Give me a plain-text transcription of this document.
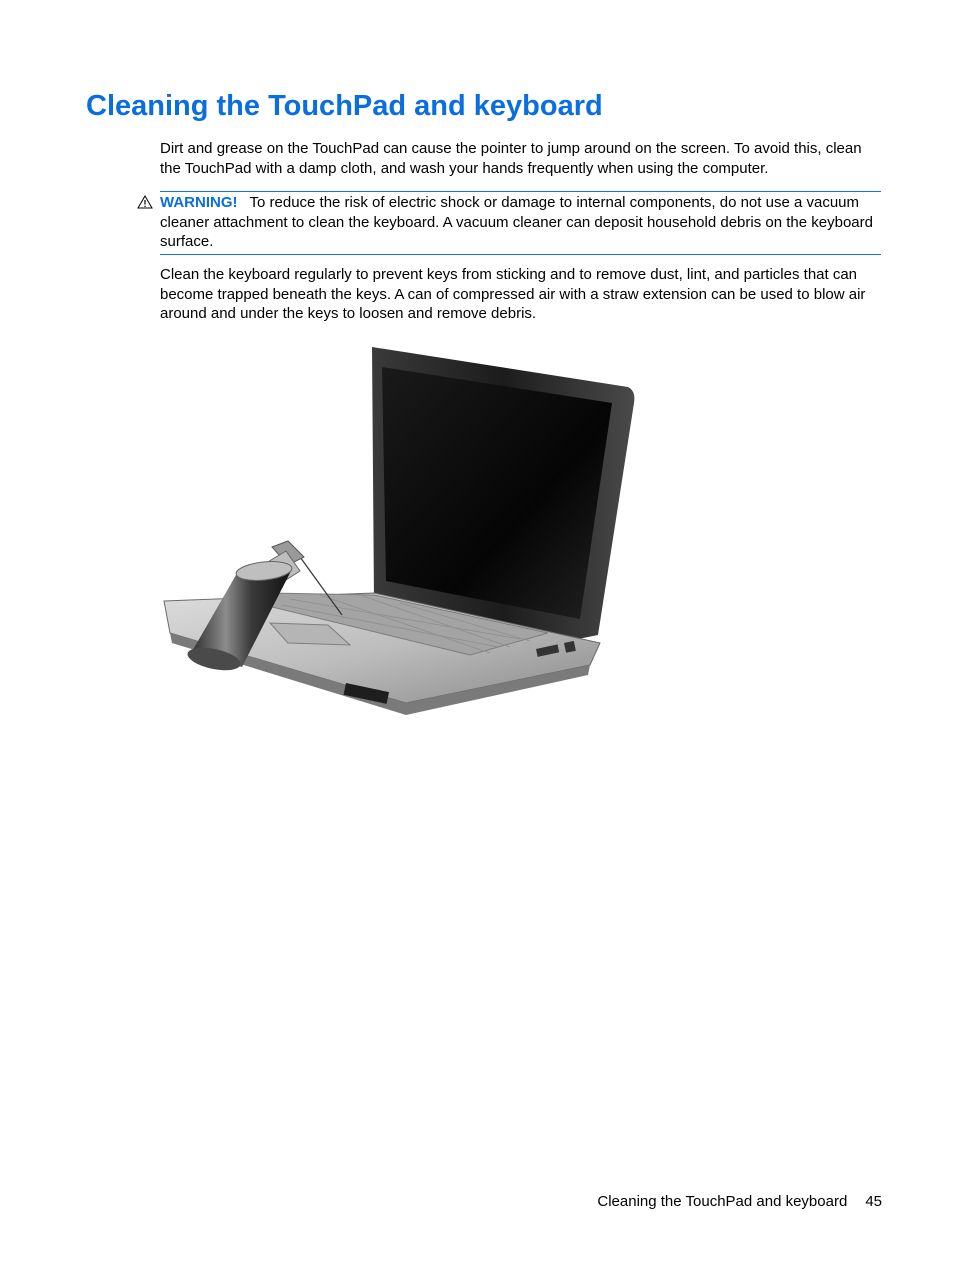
Cleaning the TouchPad and keyboard

Dirt and grease on the TouchPad can cause the pointer to jump around on the screen. To avoid this, clean the TouchPad with a damp cloth, and wash your hands frequently when using the computer.

WARNING! To reduce the risk of electric shock or damage to internal components, do not use a vacuum cleaner attachment to clean the keyboard. A vacuum cleaner can deposit household debris on the keyboard surface.

Clean the keyboard regularly to prevent keys from sticking and to remove dust, lint, and particles that can become trapped beneath the keys. A can of compressed air with a straw extension can be used to blow air around and under the keys to loosen and remove debris.

Cleaning the TouchPad and keyboard 45
